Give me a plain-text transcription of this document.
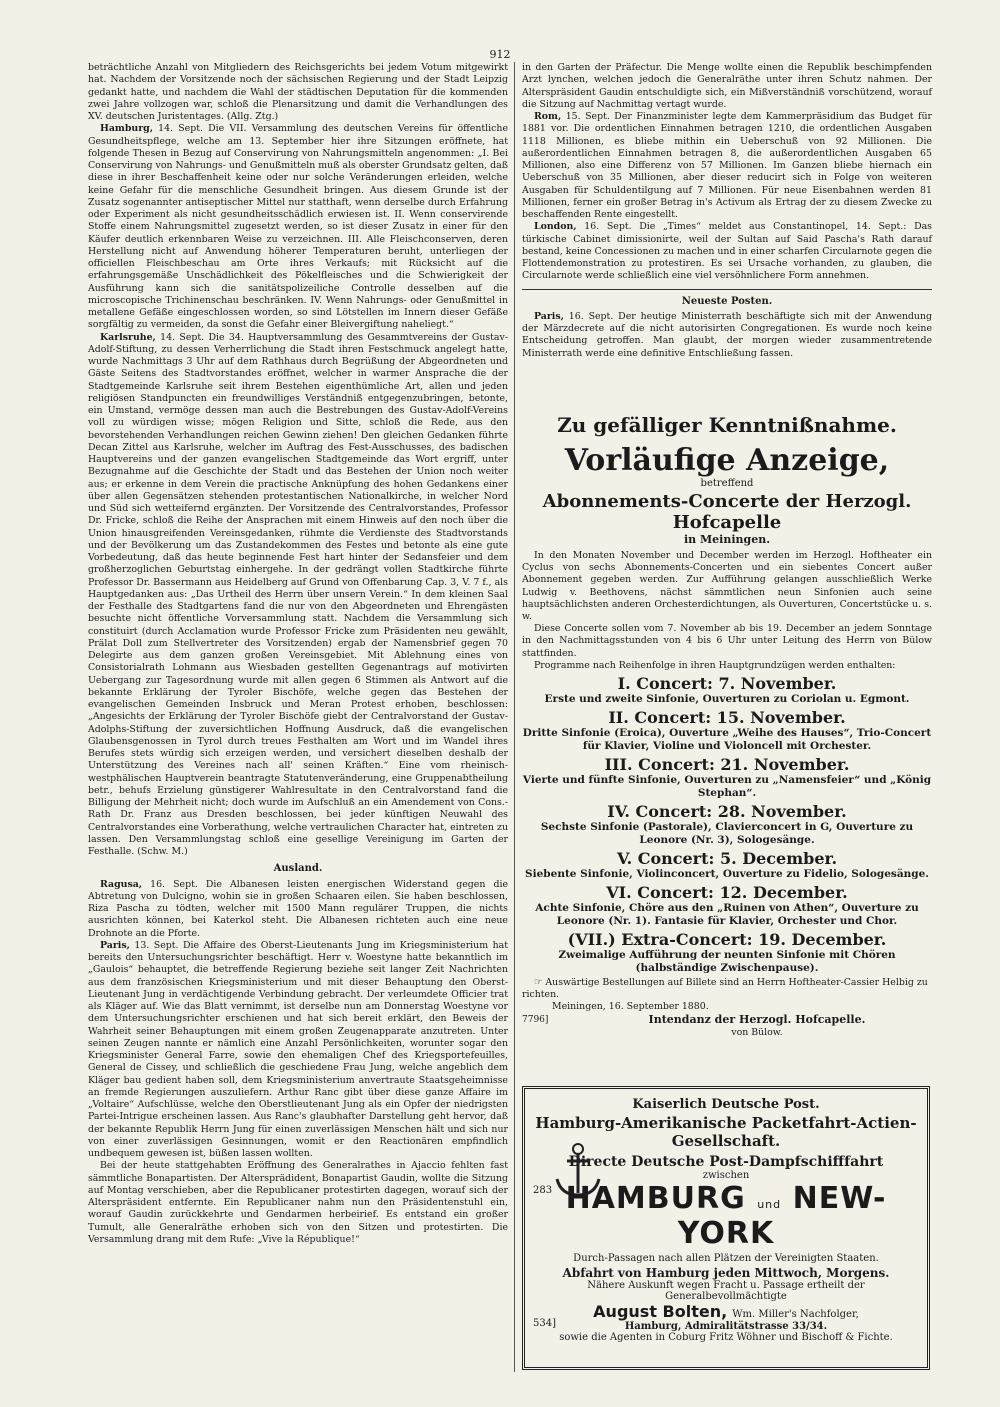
912

beträchtliche Anzahl von Mitgliedern des Reichsgerichts bei jedem Votum mitgewirkt hat. Nachdem der Vorsitzende noch der sächsischen Regierung und der Stadt Leipzig gedankt hatte, und nachdem die Wahl der städtischen Deputation für die kommenden zwei Jahre vollzogen war, schloß die Plenarsitzung und damit die Verhandlungen des XV. deutschen Juristentages. (Allg. Ztg.)

Hamburg, 14. Sept. Die VII. Versammlung des deutschen Vereins für öffentliche Gesundheitspflege, welche am 13. September hier ihre Sitzungen eröffnete, hat folgende Thesen in Bezug auf Conservirung von Nahrungsmitteln angenommen: „I. Bei Conservirung von Nahrungs- und Genußmitteln muß als oberster Grundsatz gelten, daß diese in ihrer Beschaffenheit keine oder nur solche Veränderungen erleiden, welche keine Gefahr für die menschliche Gesundheit bringen. Aus diesem Grunde ist der Zusatz sogenannter antiseptischer Mittel nur statthaft, wenn derselbe durch Erfahrung oder Experiment als nicht gesundheitsschädlich erwiesen ist. II. Wenn conservirende Stoffe einem Nahrungsmittel zugesetzt werden, so ist dieser Zusatz in einer für den Käufer deutlich erkennbaren Weise zu verzeichnen. III. Alle Fleischconserven, deren Herstellung nicht auf Anwendung höherer Temperaturen beruht, unterliegen der officiellen Fleischbeschau am Orte ihres Verkaufs; mit Rücksicht auf die erfahrungsgemäße Unschädlichkeit des Pökelfleisches und die Schwierigkeit der Ausführung kann sich die sanitätspolizeiliche Controlle desselben auf die microscopische Trichinenschau beschränken. IV. Wenn Nahrungs- oder Genußmittel in metallene Gefäße eingeschlossen worden, so sind Lötstellen im Innern dieser Gefäße sorgfältig zu vermeiden, da sonst die Gefahr einer Bleivergiftung naheliegt.“

Karlsruhe, 14. Sept. Die 34. Hauptversammlung des Gesammtvereins der Gustav-Adolf-Stiftung, zu dessen Verherrlichung die Stadt ihren Festschmuck angelegt hatte, wurde Nachmittags 3 Uhr auf dem Rathhaus durch Begrüßung der Abgeordneten und Gäste Seitens des Stadtvorstandes eröffnet, welcher in warmer Ansprache die der Stadtgemeinde Karlsruhe seit ihrem Bestehen eigenthümliche Art, allen und jeden religiösen Standpuncten ein freundwilliges Verständniß entgegenzubringen, betonte, ein Umstand, vermöge dessen man auch die Bestrebungen des Gustav-Adolf-Vereins voll zu würdigen wisse; mögen Religion und Sitte, schloß die Rede, aus den bevorstehenden Verhandlungen reichen Gewinn ziehen! Den gleichen Gedanken führte Decan Zittel aus Karlsruhe, welcher im Auftrag des Fest-Ausschusses, des badischen Hauptvereins und der ganzen evangelischen Stadtgemeinde das Wort ergriff, unter Bezugnahme auf die Geschichte der Stadt und das Bestehen der Union noch weiter aus; er erkenne in dem Verein die practische Anknüpfung des hohen Gedankens einer über allen Gegensätzen stehenden protestantischen Nationalkirche, in welcher Nord und Süd sich wetteifernd ergänzten. Der Vorsitzende des Centralvorstandes, Professor Dr. Fricke, schloß die Reihe der Ansprachen mit einem Hinweis auf den noch über die Union hinausgreifenden Vereinsgedanken, rühmte die Verdienste des Stadtvorstands und der Bevölkerung um das Zustandekommen des Festes und betonte als eine gute Vorbedeutung, daß das heute beginnende Fest hart hinter der Sedansfeier und dem großherzoglichen Geburtstag einhergehe. In der gedrängt vollen Stadtkirche führte Professor Dr. Bassermann aus Heidelberg auf Grund von Offenbarung Cap. 3, V. 7 f., als Hauptgedanken aus: „Das Urtheil des Herrn über unsern Verein.“ In dem kleinen Saal der Festhalle des Stadtgartens fand die nur von den Abgeordneten und Ehrengästen besuchte nicht öffentliche Vorversammlung statt. Nachdem die Versammlung sich constituirt (durch Acclamation wurde Professor Fricke zum Präsidenten neu gewählt, Prälat Doll zum Stellvertreter des Vorsitzenden) ergab der Namensbrief gegen 70 Delegirte aus dem ganzen großen Vereinsgebiet. Mit Ablehnung eines von Consistorialrath Lohmann aus Wiesbaden gestellten Gegenantrags auf motivirten Uebergang zur Tagesordnung wurde mit allen gegen 6 Stimmen als Antwort auf die bekannte Erklärung der Tyroler Bischöfe, welche gegen das Bestehen der evangelischen Gemeinden Insbruck und Meran Protest erhoben, beschlossen: „Angesichts der Erklärung der Tyroler Bischöfe giebt der Centralvorstand der Gustav-Adolphs-Stiftung der zuversichtlichen Hoffnung Ausdruck, daß die evangelischen Glaubensgenossen in Tyrol durch treues Festhalten am Wort und im Wandel ihres Berufes stets würdig sich erzeigen werden, und versichert dieselben deshalb der Unterstützung des Vereines nach all' seinen Kräften.“ Eine vom rheinisch-westphälischen Hauptverein beantragte Statutenveränderung, eine Gruppenabtheilung betr., behufs Erzielung günstigerer Wahlresultate in den Centralvorstand fand die Billigung der Mehrheit nicht; doch wurde im Aufschluß an ein Amendement von Cons.-Rath Dr. Franz aus Dresden beschlossen, bei jeder künftigen Neuwahl des Centralvorstandes eine Vorberathung, welche vertraulichen Character hat, eintreten zu lassen. Den Versammlungstag schloß eine gesellige Vereinigung im Garten der Festhalle. (Schw. M.)

Ausland.

Ragusa, 16. Sept. Die Albanesen leisten energischen Widerstand gegen die Abtretung von Dulcigno, wohin sie in großen Schaaren eilen. Sie haben beschlossen, Riza Pascha zu tödten, welcher mit 1500 Mann regulärer Truppen, die nichts ausrichten können, bei Katerkol steht. Die Albanesen richteten auch eine neue Drohnote an die Pforte.

Paris, 13. Sept. Die Affaire des Oberst-Lieutenants Jung im Kriegsministerium hat bereits den Untersuchungsrichter beschäftigt. Herr v. Woestyne hatte bekanntlich im „Gaulois“ behauptet, die betreffende Regierung beziehe seit langer Zeit Nachrichten aus dem französischen Kriegsministerium und mit dieser Behauptung den Oberst-Lieutenant Jung in verdächtigende Verbindung gebracht. Der verleumdete Officier trat als Kläger auf. Wie das Blatt vernimmt, ist derselbe nun am Donnerstag Woestyne vor dem Untersuchungsrichter erschienen und hat sich bereit erklärt, den Beweis der Wahrheit seiner Behauptungen mit einem großen Zeugenapparate anzutreten. Unter seinen Zeugen nannte er nämlich eine Anzahl Persönlichkeiten, worunter sogar den Kriegsminister General Farre, sowie den ehemaligen Chef des Kriegsportefeuilles, General de Cissey, und schließlich die geschiedene Frau Jung, welche angeblich dem Kläger bau gedient haben soll, dem Kriegsministerium anvertraute Staatsgeheimnisse an fremde Regierungen auszuliefern. Arthur Ranc gibt über diese ganze Affaire im „Voltaire“ Aufschlüsse, welche den Oberstlieutenant Jung als ein Opfer der niedrigsten Partei-Intrigue erscheinen lassen. Aus Ranc's glaubhafter Darstellung geht hervor, daß der bekannte Republik Herrn Jung für einen zuverlässigen Menschen hält und sich nur von einer zuverlässigen Gesinnungen, womit er den Reactionären empfindlich undbequem gewesen ist, büßen lassen wollten.

Bei der heute stattgehabten Eröffnung des Generalrathes in Ajaccio fehlten fast sämmtliche Bonapartisten. Der Altersprädident, Bonapartist Gaudin, wollte die Sitzung auf Montag verschieben, aber die Republicaner protestirten dagegen, worauf sich der Alterspräsident entfernte. Ein Republicaner nahm nun den Präsidentenstuhl ein, worauf Gaudin zurückkehrte und Gendarmen herbeirief. Es entstand ein großer Tumult, alle Generalräthe erhoben sich von den Sitzen und protestirten. Die Versammlung drang mit dem Rufe: „Vive la République!“

in den Garten der Präfectur. Die Menge wollte einen die Republik beschimpfenden Arzt lynchen, welchen jedoch die Generalräthe unter ihren Schutz nahmen. Der Alterspräsident Gaudin entschuldigte sich, ein Mißverständniß vorschützend, worauf die Sitzung auf Nachmittag vertagt wurde.

Rom, 15. Sept. Der Finanzminister legte dem Kammerpräsidium das Budget für 1881 vor. Die ordentlichen Einnahmen betragen 1210, die ordentlichen Ausgaben 1118 Millionen, es bliebe mithin ein Ueberschuß von 92 Millionen. Die außerordentlichen Einnahmen betragen 8, die außerordentlichen Ausgaben 65 Millionen, also eine Differenz von 57 Millionen. Im Ganzen bliebe hiernach ein Ueberschuß von 35 Millionen, aber dieser reducirt sich in Folge von weiteren Ausgaben für Schuldentilgung auf 7 Millionen. Für neue Eisenbahnen werden 81 Millionen, ferner ein großer Betrag in's Activum als Ertrag der zu diesem Zwecke zu beschaffenden Rente eingestellt.

London, 16. Sept. Die „Times“ meldet aus Constantinopel, 14. Sept.: Das türkische Cabinet dimissionirte, weil der Sultan auf Said Pascha's Rath darauf bestand, keine Concessionen zu machen und in einer scharfen Circularnote gegen die Flottendemonstration zu protestiren. Es sei Ursache vorhanden, zu glauben, die Circularnote werde schließlich eine viel versöhnlichere Form annehmen.

Neueste Posten.

Paris, 16. Sept. Der heutige Ministerrath beschäftigte sich mit der Anwendung der Märzdecrete auf die nicht autorisirten Congregationen. Es wurde noch keine Entscheidung getroffen. Man glaubt, der morgen wieder zusammentretende Ministerrath werde eine definitive Entschließung fassen.

Zu gefälliger Kenntnißnahme.
Vorläufige Anzeige,
betreffend
Abonnements-Concerte der Herzogl. Hofcapelle
in Meiningen.

In den Monaten November und December werden im Herzogl. Hoftheater ein Cyclus von sechs Abonnements-Concerten und ein siebentes Concert außer Abonnement gegeben werden. Zur Aufführung gelangen ausschließlich Werke Ludwig v. Beethovens, nächst sämmtlichen neun Sinfonien auch seine hauptsächlichsten anderen Orchesterdichtungen, als Ouverturen, Concertstücke u. s. w.

Diese Concerte sollen vom 7. November ab bis 19. December an jedem Sonntage in den Nachmittagsstunden von 4 bis 6 Uhr unter Leitung des Herrn von Bülow stattfinden.

Programme nach Reihenfolge in ihren Hauptgrundzügen werden enthalten:

I. Concert: 7. November.
Erste und zweite Sinfonie, Ouverturen zu Coriolan u. Egmont.
II. Concert: 15. November.
Dritte Sinfonie (Eroica), Ouverture „Weihe des Hauses“, Trio-Concert für Klavier, Violine und Violoncell mit Orchester.
III. Concert: 21. November.
Vierte und fünfte Sinfonie, Ouverturen zu „Namensfeier“ und „König Stephan“.
IV. Concert: 28. November.
Sechste Sinfonie (Pastorale), Clavierconcert in G, Ouverture zu Leonore (Nr. 3), Sologesänge.
V. Concert: 5. December.
Siebente Sinfonie, Violinconcert, Ouverture zu Fidelio, Sologesänge.
VI. Concert: 12. December.
Achte Sinfonie, Chöre aus den „Ruinen von Athen“, Ouverture zu Leonore (Nr. 1). Fantasie für Klavier, Orchester und Chor.
(VII.) Extra-Concert: 19. December.
Zweimalige Aufführung der neunten Sinfonie mit Chören (halbständige Zwischenpause).

☞ Auswärtige Bestellungen auf Billete sind an Herrn Hoftheater-Cassier Helbig zu richten.

Meiningen, 16. September 1880.
7796]	Intendanz der Herzogl. Hofcapelle.
von Bülow.
Kaiserlich Deutsche Post.
Hamburg-Amerikanische Packetfahrt-Actien-Gesellschaft.
Directe Deutsche Post-Dampfschifffahrt
zwischen
283 HAMBURG und NEW-YORK
Durch-Passagen nach allen Plätzen der Vereinigten Staaten.
Abfahrt von Hamburg jeden Mittwoch, Morgens.
Nähere Auskunft wegen Fracht u. Passage ertheilt der Generalbevollmächtigte
534]
August Bolten, Wm. Miller's Nachfolger,
Hamburg, Admiralitätstrasse 33/34.
sowie die Agenten in Coburg Fritz Wöhner und Bischoff & Fichte.
